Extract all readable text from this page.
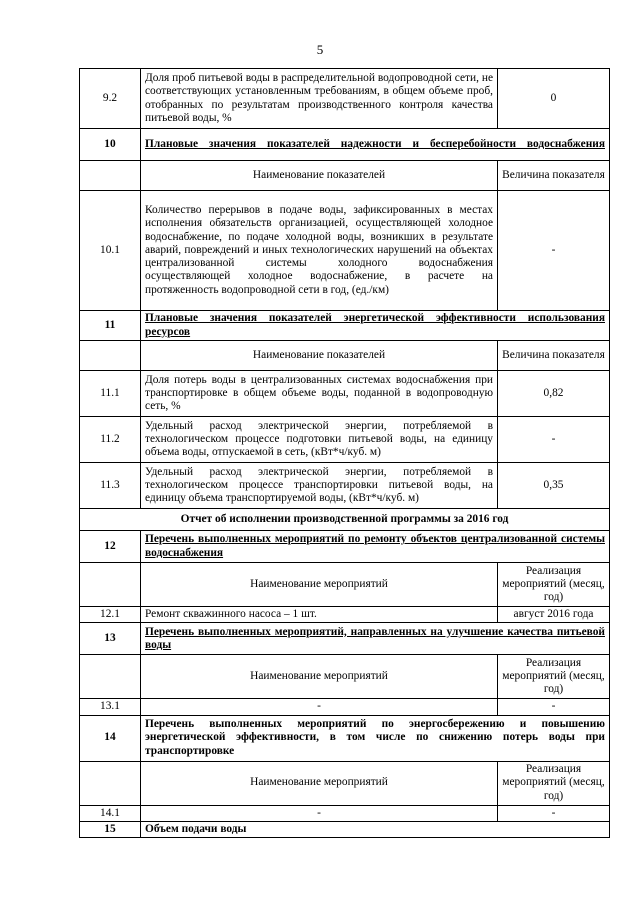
5
9.2	Доля проб питьевой воды в распределительной водопроводной сети, не соответствующих установленным требованиям, в общем объеме проб, отобранных по результатам производственного контроля качества питьевой воды, %	0
10	Плановые значения показателей надежности и бесперебойности водоснабжения	
	Наименование показателей	Величина показателя
10.1	Количество перерывов в подаче воды, зафиксированных в местах исполнения обязательств организацией, осуществляющей холодное водоснабжение, по подаче холодной воды, возникших в результате аварий, повреждений и иных технологических нарушений на объектах централизованной системы холодного водоснабжения осуществляющей холодное водоснабжение, в расчете на протяженность водопроводной сети в год, (ед./км)	-
11	Плановые значения показателей энергетической эффективности использования ресурсов	
	Наименование показателей	Величина показателя
11.1	Доля потерь воды в централизованных системах водоснабжения при транспортировке в общем объеме воды, поданной в водопроводную сеть, %	0,82
11.2	Удельный расход электрической энергии, потребляемой в технологическом процессе подготовки питьевой воды, на единицу объема воды, отпускаемой в сеть, (кВт*ч/куб. м)	-
11.3	Удельный расход электрической энергии, потребляемой в технологическом процессе транспортировки питьевой воды, на единицу объема транспортируемой воды, (кВт*ч/куб. м)	0,35
Отчет об исполнении производственной программы за 2016 год		
12	Перечень выполненных мероприятий по ремонту объектов централизованной системы водоснабжения	
	Наименование мероприятий	Реализация мероприятий (месяц, год)
12.1	Ремонт скважинного насоса – 1 шт.	август 2016 года
13	Перечень выполненных мероприятий, направленных на улучшение качества питьевой воды	
	Наименование мероприятий	Реализация мероприятий (месяц, год)
13.1	-	-
14	Перечень выполненных мероприятий по энергосбережению и повышению энергетической эффективности, в том числе по снижению потерь воды при транспортировке	
	Наименование мероприятий	Реализация мероприятий (месяц, год)
14.1	-	-
15	Объем подачи воды	
